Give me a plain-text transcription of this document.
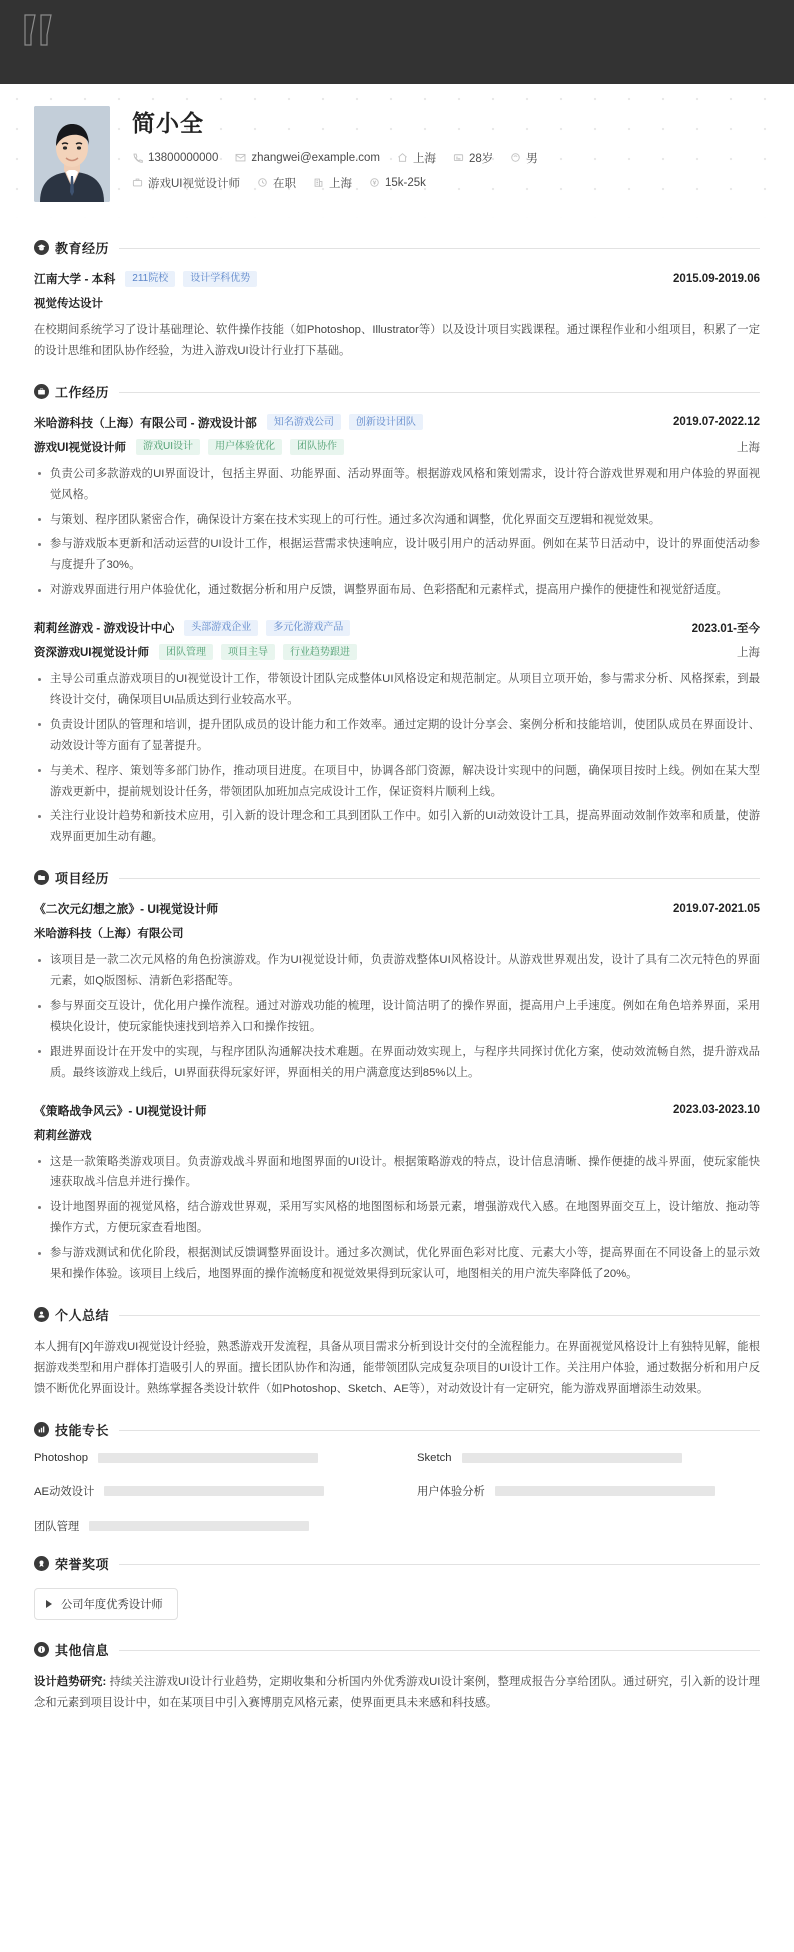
简小全
13800000000	zhangwei@example.com	上海	28岁	男
游戏UI视觉设计师	在职	上海	15k-25k
教育经历
江南大学 - 本科	211院校	设计学科优势	2015.09-2019.06
视觉传达设计

在校期间系统学习了设计基础理论、软件操作技能（如Photoshop、Illustrator等）以及设计项目实践课程。通过课程作业和小组项目，积累了一定的设计思维和团队协作经验，为进入游戏UI设计行业打下基础。

工作经历
米哈游科技（上海）有限公司 - 游戏设计部	知名游戏公司	创新设计团队	2019.07-2022.12
游戏UI视觉设计师	游戏UI设计	用户体验优化	团队协作	上海
负责公司多款游戏的UI界面设计，包括主界面、功能界面、活动界面等。根据游戏风格和策划需求，设计符合游戏世界观和用户体验的界面视觉风格。
与策划、程序团队紧密合作，确保设计方案在技术实现上的可行性。通过多次沟通和调整，优化界面交互逻辑和视觉效果。
参与游戏版本更新和活动运营的UI设计工作，根据运营需求快速响应，设计吸引用户的活动界面。例如在某节日活动中，设计的界面使活动参与度提升了30%。
对游戏界面进行用户体验优化，通过数据分析和用户反馈，调整界面布局、色彩搭配和元素样式，提高用户操作的便捷性和视觉舒适度。
莉莉丝游戏 - 游戏设计中心	头部游戏企业	多元化游戏产品	2023.01-至今
资深游戏UI视觉设计师	团队管理	项目主导	行业趋势跟进	上海
主导公司重点游戏项目的UI视觉设计工作，带领设计团队完成整体UI风格设定和规范制定。从项目立项开始，参与需求分析、风格探索，到最终设计交付，确保项目UI品质达到行业较高水平。
负责设计团队的管理和培训，提升团队成员的设计能力和工作效率。通过定期的设计分享会、案例分析和技能培训，使团队成员在界面设计、动效设计等方面有了显著提升。
与美术、程序、策划等多部门协作，推动项目进度。在项目中，协调各部门资源，解决设计实现中的问题，确保项目按时上线。例如在某大型游戏更新中，提前规划设计任务，带领团队加班加点完成设计工作，保证资料片顺利上线。
关注行业设计趋势和新技术应用，引入新的设计理念和工具到团队工作中。如引入新的UI动效设计工具，提高界面动效制作效率和质量，使游戏界面更加生动有趣。
项目经历
《二次元幻想之旅》- UI视觉设计师	2019.07-2021.05
米哈游科技（上海）有限公司
该项目是一款二次元风格的角色扮演游戏。作为UI视觉设计师，负责游戏整体UI风格设计。从游戏世界观出发，设计了具有二次元特色的界面元素，如Q版图标、清新色彩搭配等。
参与界面交互设计，优化用户操作流程。通过对游戏功能的梳理，设计简洁明了的操作界面，提高用户上手速度。例如在角色培养界面，采用模块化设计，使玩家能快速找到培养入口和操作按钮。
跟进界面设计在开发中的实现，与程序团队沟通解决技术难题。在界面动效实现上，与程序共同探讨优化方案，使动效流畅自然，提升游戏品质。最终该游戏上线后，UI界面获得玩家好评，界面相关的用户满意度达到85%以上。
《策略战争风云》- UI视觉设计师	2023.03-2023.10
莉莉丝游戏
这是一款策略类游戏项目。负责游戏战斗界面和地图界面的UI设计。根据策略游戏的特点，设计信息清晰、操作便捷的战斗界面，使玩家能快速获取战斗信息并进行操作。
设计地图界面的视觉风格，结合游戏世界观，采用写实风格的地图图标和场景元素，增强游戏代入感。在地图界面交互上，设计缩放、拖动等操作方式，方便玩家查看地图。
参与游戏测试和优化阶段，根据测试反馈调整界面设计。通过多次测试，优化界面色彩对比度、元素大小等，提高界面在不同设备上的显示效果和操作体验。该项目上线后，地图界面的操作流畅度和视觉效果得到玩家认可，地图相关的用户流失率降低了20%。
个人总结

本人拥有[X]年游戏UI视觉设计经验，熟悉游戏开发流程，具备从项目需求分析到设计交付的全流程能力。在界面视觉风格设计上有独特见解，能根据游戏类型和用户群体打造吸引人的界面。擅长团队协作和沟通，能带领团队完成复杂项目的UI设计工作。关注用户体验，通过数据分析和用户反馈不断优化界面设计。熟练掌握各类设计软件（如Photoshop、Sketch、AE等），对动效设计有一定研究，能为游戏界面增添生动效果。

技能专长
Photoshop	Sketch
AE动效设计	用户体验分析
团队管理
荣誉奖项
公司年度优秀设计师
其他信息

设计趋势研究: 持续关注游戏UI设计行业趋势，定期收集和分析国内外优秀游戏UI设计案例，整理成报告分享给团队。通过研究，引入新的设计理念和元素到项目设计中，如在某项目中引入赛博朋克风格元素，使界面更具未来感和科技感。
